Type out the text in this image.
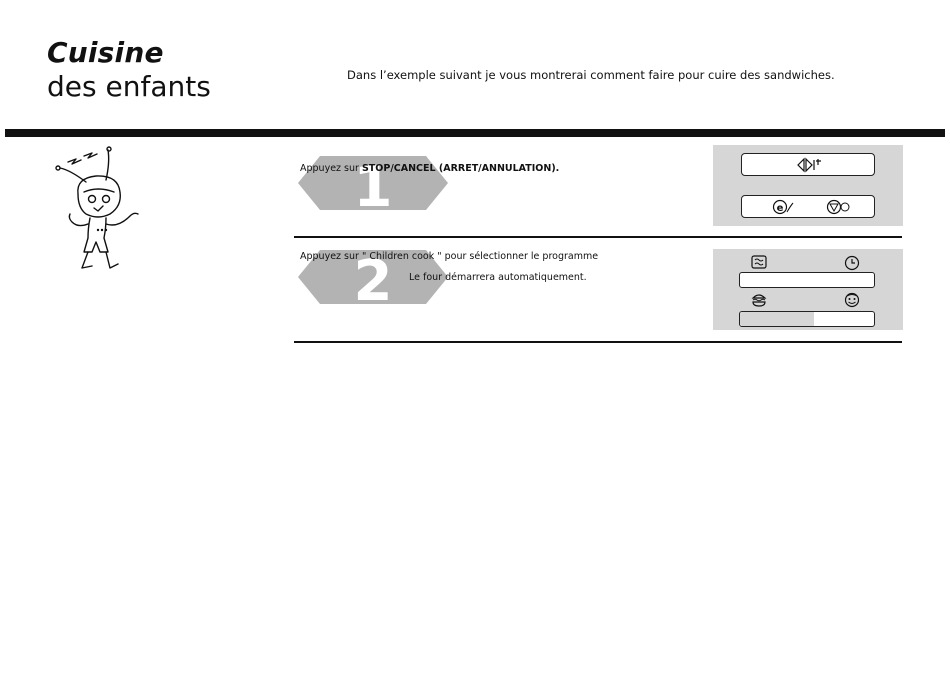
Cuisine
des enfants	Dans l’exemple suivant je vous montrerai comment faire pour cuire des sandwiches.

1

Appuyez sur STOP/CANCEL (ARRET/ANNULATION).

e
2

Appuyez sur " Children cook " pour sélectionner le programme

Le four démarrera automatiquement.
